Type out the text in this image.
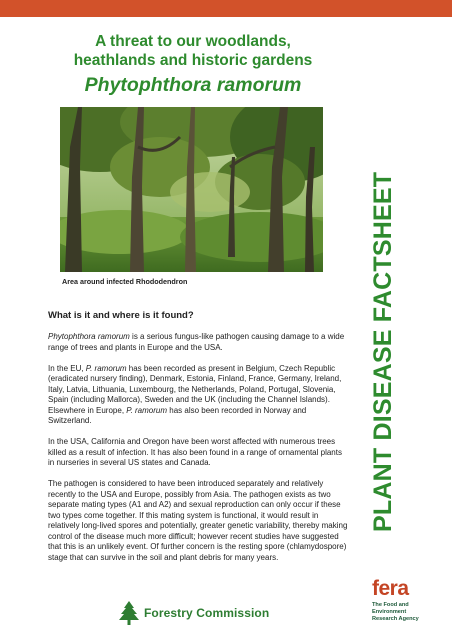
A threat to our woodlands,
heathlands and historic gardens
Phytophthora ramorum
Area around infected Rhododendron	PLANT DISEASE FACTSHEET
What is it and where is it found?

Phytophthora ramorum is a serious fungus-like pathogen causing damage to a wide range of trees and plants in Europe and the USA.

In the EU, P. ramorum has been recorded as present in Belgium, Czech Republic (eradicated nursery finding), Denmark, Estonia, Finland, France, Germany, Ireland, Italy, Latvia, Lithuania, Luxembourg, the Netherlands, Poland, Portugal, Slovenia, Spain (including Mallorca), Sweden and the UK (including the Channel Islands). Elsewhere in Europe, P. ramorum has also been recorded in Norway and Switzerland.

In the USA, California and Oregon have been worst affected with numerous trees killed as a result of infection. It has also been found in a range of ornamental plants in nurseries in several US states and Canada.

The pathogen is considered to have been introduced separately and relatively recently to the USA and Europe, possibly from Asia. The pathogen exists as two separate mating types (A1 and A2) and sexual reproduction can only occur if these two types come together. If this mating system is functional, it would result in relatively long-lived spores and potentially, greater genetic variability, thereby making control of the disease much more difficult; however recent studies have suggested that this is an unlikely event. Of further concern is the resting spore (chlamydospore) stage that can survive in the soil and plant debris for many years.

Forestry Commission
fera
The Food and Environment
Research Agency
